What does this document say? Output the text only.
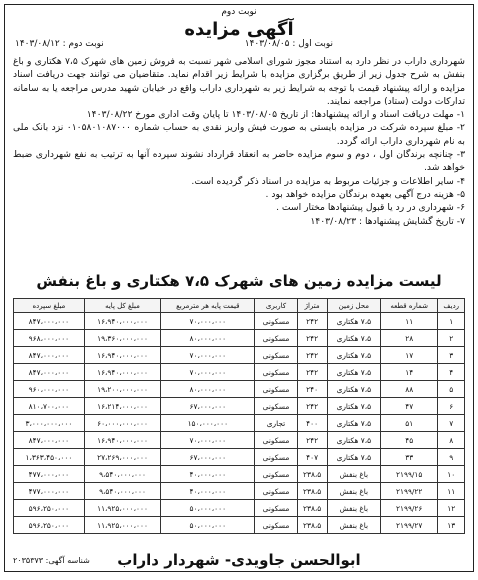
نوبت دوم
آگهی مزایده
نوبت اول : ۱۴۰۳/۰۸/۰۵
نوبت دوم : ۱۴۰۳/۰۸/۱۲

شهرداری داراب در نظر دارد به استناد مجوز شورای اسلامی شهر نسبت به فروش زمین های شهرک ۷،۵ هکتاری و باغ بنفش به شرح جدول زیر از طریق برگزاری مزایده با شرایط زیر اقدام نماید. متقاضیان می توانند جهت دریافت اسناد مزایده و ارائه پیشنهاد قیمت با توجه به شرایط زیر به شهرداری داراب واقع در خیابان شهید مدرس مراجعه یا به سامانه تدارکات دولت (ستاد) مراجعه نمایند.

۱- مهلت دریافت اسناد و ارائه پیشنهادها: از تاریخ ۱۴۰۳/۰۸/۰۵ تا پایان وقت اداری مورخ ۱۴۰۳/۰۸/۲۲

۲- مبلغ سپرده شرکت در مزایده بایستی به صورت فیش واریز نقدی به حساب شماره ۰۱۰۵۸۰۱۰۸۷۰۰۰ نزد بانک ملی به نام شهرداری داراب ارائه گردد.

۳- چنانچه برندگان اول ، دوم و سوم مزایده حاضر به انعقاد قرارداد نشوند سپرده آنها به ترتیب به نفع شهرداری ضبط خواهد شد.

۴- سایر اطلاعات و جزئیات مربوط به مزایده در اسناد ذکر گردیده است.

۵- هزینه درج آگهی بعهده برندگان مزایده خواهد بود .

۶- شهرداری در رد یا قبول پیشنهادها مختار است .

۷- تاریخ گشایش پیشنهادها : ۱۴۰۳/۰۸/۲۳

لیست مزایده زمین های شهرک ۷،۵ هکتاری و باغ بنفش
ردیف	شماره قطعه	محل زمین	متراژ	کاربری	قیمت پایه هر مترمربع	مبلغ کل پایه	مبلغ سپرده
۱	۱۱	۷،۵ هکتاری	۲۴۲	مسکونی	۷۰،۰۰۰،۰۰۰	۱۶،۹۴۰،۰۰۰،۰۰۰	۸۴۷،۰۰۰،۰۰۰
۲	۲۸	۷،۵ هکتاری	۲۴۲	مسکونی	۸۰،۰۰۰،۰۰۰	۱۹،۳۶۰،۰۰۰،۰۰۰	۹۶۸،۰۰۰،۰۰۰
۳	۱۷	۷،۵ هکتاری	۲۴۲	مسکونی	۷۰،۰۰۰،۰۰۰	۱۶،۹۴۰،۰۰۰،۰۰۰	۸۴۷،۰۰۰،۰۰۰
۴	۱۴	۷،۵ هکتاری	۲۴۲	مسکونی	۷۰،۰۰۰،۰۰۰	۱۶،۹۴۰،۰۰۰،۰۰۰	۸۴۷،۰۰۰،۰۰۰
۵	۸۸	۷،۵ هکتاری	۲۴۰	مسکونی	۸۰،۰۰۰،۰۰۰	۱۹،۲۰۰،۰۰۰،۰۰۰	۹۶۰،۰۰۰،۰۰۰
۶	۴۷	۷،۵ هکتاری	۲۴۲	مسکونی	۶۷،۰۰۰،۰۰۰	۱۶،۲۱۴،۰۰۰،۰۰۰	۸۱۰،۷۰۰،۰۰۰
۷	۵۱	۷،۵ هکتاری	۴۰۰	تجاری	۱۵۰،۰۰۰،۰۰۰	۶۰،۰۰۰،۰۰۰،۰۰۰	۳،۰۰۰،۰۰۰،۰۰۰
۸	۴۵	۷،۵ هکتاری	۲۴۲	مسکونی	۷۰،۰۰۰،۰۰۰	۱۶،۹۴۰،۰۰۰،۰۰۰	۸۴۷،۰۰۰،۰۰۰
۹	۳۳	۷،۵ هکتاری	۴۰۷	مسکونی	۶۷،۰۰۰،۰۰۰	۲۷،۲۶۹،۰۰۰،۰۰۰	۱،۳۶۳،۴۵۰،۰۰۰
۱۰	۲۱۹۹/۱۵	باغ بنفش	۲۳۸،۵	مسکونی	۴۰،۰۰۰،۰۰۰	۹،۵۴۰،۰۰۰،۰۰۰	۴۷۷،۰۰۰،۰۰۰
۱۱	۲۱۹۹/۲۲	باغ بنفش	۲۳۸،۵	مسکونی	۴۰،۰۰۰،۰۰۰	۹،۵۴۰،۰۰۰،۰۰۰	۴۷۷،۰۰۰،۰۰۰
۱۲	۲۱۹۹/۲۶	باغ بنفش	۲۳۸،۵	مسکونی	۵۰،۰۰۰،۰۰۰	۱۱،۹۲۵،۰۰۰،۰۰۰	۵۹۶،۲۵۰،۰۰۰
۱۳	۲۱۹۹/۲۷	باغ بنفش	۲۳۸،۵	مسکونی	۵۰،۰۰۰،۰۰۰	۱۱،۹۲۵،۰۰۰،۰۰۰	۵۹۶،۲۵۰،۰۰۰
ابوالحسن جاویدی- شهردار داراب
شناسه آگهی: ۲۰۳۵۳۷۳
